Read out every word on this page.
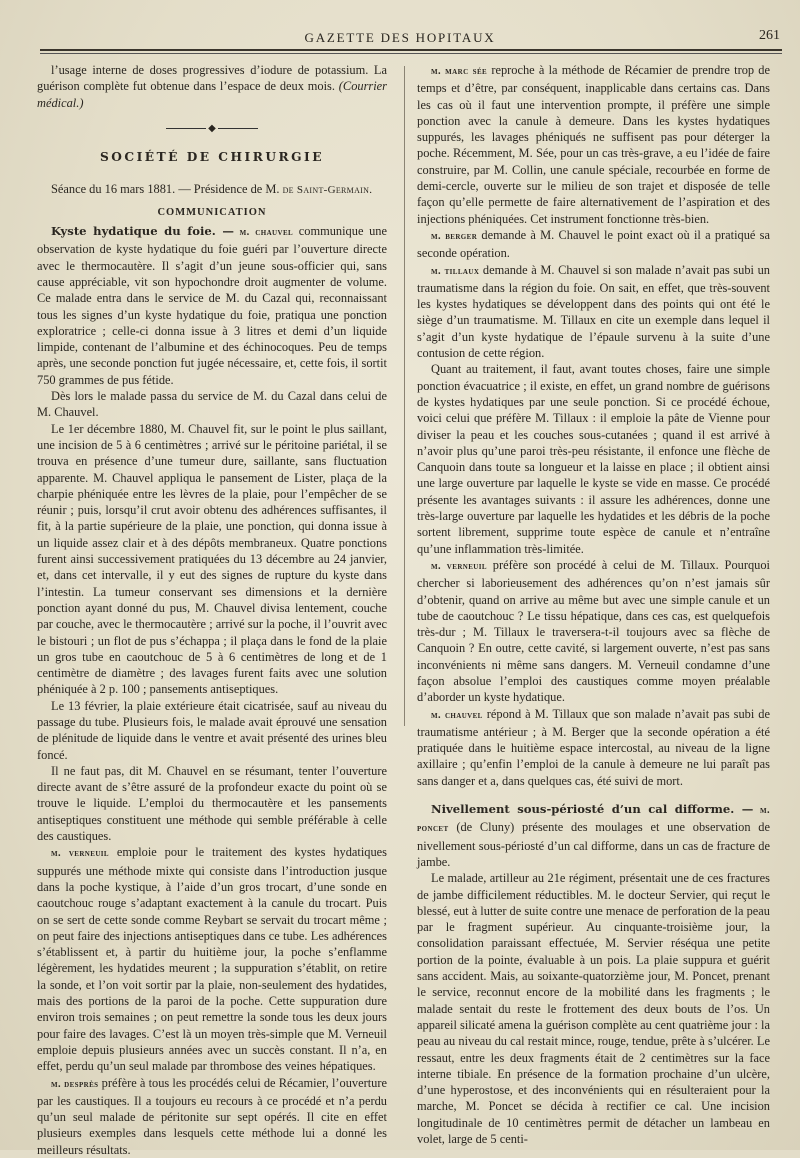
GAZETTE DES HOPITAUX	261

l’usage interne de doses progressives d’iodure de potassium. La guérison complète fut obtenue dans l’espace de deux mois. (Courrier médical.)

◆
SOCIÉTÉ DE CHIRURGIE

Séance du 16 mars 1881. — Présidence de M. de Saint-Germain.

COMMUNICATION

Kyste hydatique du foie. — m. chauvel communique une observation de kyste hydatique du foie guéri par l’ouverture directe avec le thermocautère. Il s’agit d’un jeune sous-officier qui, sans cause appréciable, vit son hypochondre droit augmenter de volume. Ce malade entra dans le service de M. du Cazal qui, reconnaissant tous les signes d’un kyste hydatique du foie, pratiqua une ponction exploratrice ; celle-ci donna issue à 3 litres et demi d’un liquide limpide, contenant de l’albumine et des échinocoques. Peu de temps après, une seconde ponction fut jugée nécessaire, et, cette fois, il sortit 750 grammes de pus fétide.

Dès lors le malade passa du service de M. du Cazal dans celui de M. Chauvel.

Le 1er décembre 1880, M. Chauvel fit, sur le point le plus saillant, une incision de 5 à 6 centimètres ; arrivé sur le péritoine pariétal, il se trouva en présence d’une tumeur dure, saillante, sans fluctuation apparente. M. Chauvel appliqua le pansement de Lister, plaça de la charpie phéniquée entre les lèvres de la plaie, pour l’empêcher de se réunir ; puis, lorsqu’il crut avoir obtenu des adhérences suffisantes, il fit, à la partie supérieure de la plaie, une ponction, qui donna issue à un liquide assez clair et à des dépôts membraneux. Quatre ponctions furent ainsi successivement pratiquées du 13 décembre au 24 janvier, et, dans cet intervalle, il y eut des signes de rupture du kyste dans l’intestin. La tumeur conservant ses dimensions et la dernière ponction ayant donné du pus, M. Chauvel divisa lentement, couche par couche, avec le thermocautère ; arrivé sur la poche, il l’ouvrit avec le bistouri ; un flot de pus s’échappa ; il plaça dans le fond de la plaie un gros tube en caoutchouc de 5 à 6 centimètres de long et de 1 centimètre de diamètre ; des lavages furent faits avec une solution phéniquée à 2 p. 100 ; pansements antiseptiques.

Le 13 février, la plaie extérieure était cicatrisée, sauf au niveau du passage du tube. Plusieurs fois, le malade avait éprouvé une sensation de plénitude de liquide dans le ventre et avait présenté des urines bleu foncé.

Il ne faut pas, dit M. Chauvel en se résumant, tenter l’ouverture directe avant de s’être assuré de la profondeur exacte du point où se trouve le liquide. L’emploi du thermocautère et les pansements antiseptiques constituent une méthode qui semble préférable à celle des caustiques.

m. verneuil emploie pour le traitement des kystes hydatiques suppurés une méthode mixte qui consiste dans l’introduction jusque dans la poche kystique, à l’aide d’un gros trocart, d’une sonde en caoutchouc rouge s’adaptant exactement à la canule du trocart. Puis on se sert de cette sonde comme Reybart se servait du trocart même ; on peut faire des injections antiseptiques dans ce tube. Les adhérences s’établissent et, à partir du huitième jour, la poche s’enflamme légèrement, les hydatides meurent ; la suppuration s’établit, on retire la sonde, et l’on voit sortir par la plaie, non-seulement des hydatides, mais des portions de la paroi de la poche. Cette suppuration dure environ trois semaines ; on peut remettre la sonde tous les deux jours pour faire des lavages. C’est là un moyen très-simple que M. Verneuil emploie depuis plusieurs années avec un succès constant. Il n’a, en effet, perdu qu’un seul malade par thrombose des veines hépatiques.

m. desprès préfère à tous les procédés celui de Récamier, l’ouverture par les caustiques. Il a toujours eu recours à ce procédé et n’a perdu qu’un seul malade de péritonite sur sept opérés. Il cite en effet plusieurs exemples dans lesquels cette méthode lui a donné les meilleurs résultats.

m. marc sée reproche à la méthode de Récamier de prendre trop de temps et d’être, par conséquent, inapplicable dans certains cas. Dans les cas où il faut une intervention prompte, il préfère une simple ponction avec la canule à demeure. Dans les kystes hydatiques suppurés, les lavages phéniqués ne suffisent pas pour déterger la poche. Récemment, M. Sée, pour un cas très-grave, a eu l’idée de faire construire, par M. Collin, une canule spéciale, recourbée en forme de demi-cercle, ouverte sur le milieu de son trajet et disposée de telle façon qu’elle permette de faire alternativement de l’aspiration et des injections phéniquées. Cet instrument fonctionne très-bien.

m. berger demande à M. Chauvel le point exact où il a pratiqué sa seconde opération.

m. tillaux demande à M. Chauvel si son malade n’avait pas subi un traumatisme dans la région du foie. On sait, en effet, que très-souvent les kystes hydatiques se développent dans des points qui ont été le siège d’un traumatisme. M. Tillaux en cite un exemple dans lequel il s’agit d’un kyste hydatique de l’épaule survenu à la suite d’une contusion de cette région.

Quant au traitement, il faut, avant toutes choses, faire une simple ponction évacuatrice ; il existe, en effet, un grand nombre de guérisons de kystes hydatiques par une seule ponction. Si ce procédé échoue, voici celui que préfère M. Tillaux : il emploie la pâte de Vienne pour diviser la peau et les couches sous-cutanées ; quand il est arrivé à n’avoir plus qu’une paroi très-peu résistante, il enfonce une flèche de Canquoin dans toute sa longueur et la laisse en place ; il obtient ainsi une large ouverture par laquelle le kyste se vide en masse. Ce procédé présente les avantages suivants : il assure les adhérences, donne une très-large ouverture par laquelle les hydatides et les débris de la poche sortent librement, supprime toute espèce de canule et n’entraîne qu’une inflammation très-limitée.

m. verneuil préfère son procédé à celui de M. Tillaux. Pourquoi chercher si laborieusement des adhérences qu’on n’est jamais sûr d’obtenir, quand on arrive au même but avec une simple canule et un tube de caoutchouc ? Le tissu hépatique, dans ces cas, est quelquefois très-dur ; M. Tillaux le traversera-t-il toujours avec sa flèche de Canquoin ? En outre, cette cavité, si largement ouverte, n’est pas sans inconvénients ni même sans dangers. M. Verneuil condamne d’une façon absolue l’emploi des caustiques comme moyen préalable d’aborder un kyste hydatique.

m. chauvel répond à M. Tillaux que son malade n’avait pas subi de traumatisme antérieur ; à M. Berger que la seconde opération a été pratiquée dans le huitième espace intercostal, au niveau de la ligne axillaire ; qu’enfin l’emploi de la canule à demeure ne lui paraît pas sans danger et a, dans quelques cas, été suivi de mort.

Nivellement sous-périosté d’un cal difforme. — m. poncet (de Cluny) présente des moulages et une observation de nivellement sous-périosté d’un cal difforme, dans un cas de fracture de jambe.

Le malade, artilleur au 21e régiment, présentait une de ces fractures de jambe difficilement réductibles. M. le docteur Servier, qui reçut le blessé, eut à lutter de suite contre une menace de perforation de la peau par le fragment supérieur. Au cinquante-troisième jour, la consolidation paraissant effectuée, M. Servier réséqua une petite portion de la pointe, évaluable à un pois. La plaie suppura et guérit sans accident. Mais, au soixante-quatorzième jour, M. Poncet, prenant le service, reconnut encore de la mobilité dans les fragments ; le malade sentait du reste le frottement des deux bouts de l’os. Un appareil silicaté amena la guérison complète au cent quatrième jour : la peau au niveau du cal restait mince, rouge, tendue, prête à s’ulcérer. Le ressaut, entre les deux fragments était de 2 centimètres sur la face interne tibiale. En présence de la formation prochaine d’un ulcère, d’une hyperostose, et des inconvénients qui en résulteraient pour la marche, M. Poncet se décida à rectifier ce cal. Une incision longitudinale de 10 centimètres permit de détacher un lambeau en volet, large de 5 centi-
